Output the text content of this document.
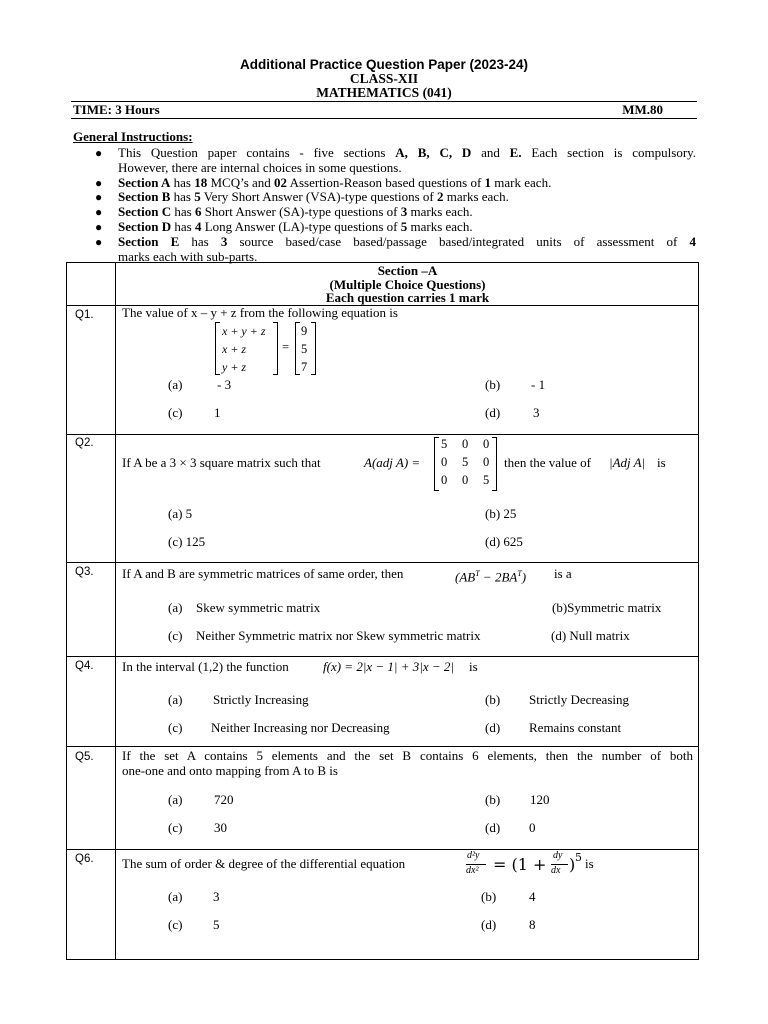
Additional Practice Question Paper (2023-24)
CLASS-XII
MATHEMATICS (041)
TIME: 3 Hours	MM.80
General Instructions:
● This Question paper contains - five sections A, B, C, D and E. Each section is compulsory.
However, there are internal choices in some questions.
● Section A has 18 MCQ’s and 02 Assertion-Reason based questions of 1 mark each.
● Section B has 5 Very Short Answer (VSA)-type questions of 2 marks each.
● Section C has 6 Short Answer (SA)-type questions of 3 marks each.
● Section D has 4 Long Answer (LA)-type questions of 5 marks each.
● Section E has 3 source based/case based/passage based/integrated units of assessment of 4
marks each with sub-parts.
Section –A
(Multiple Choice Questions)
Each question carries 1 mark
Q1. The value of x – y + z from the following equation is
x + y + z
x + z
y + z
=
9
5
7
(a)	- 3	(b) - 1
(c) 1	(d)	3
Q2.
If A be a 3 × 3 square matrix such that	A(adj A) =
5 0 0
0 5 0
0 0 5
then the value of |Adj A| is
(a) 5	(b) 25
(c) 125	(d) 625
Q3. If A and B are symmetric matrices of same order, then	$(AB^T - 2BA^T)$ is a
(a) Skew symmetric matrix	(b)Symmetric matrix
(c) Neither Symmetric matrix nor Skew symmetric matrix	(d) Null matrix
Q4. In the interval (1,2) the function	f(x) = 2|x − 1| + 3|x − 2| is
(a) Strictly Increasing	(b) Strictly Decreasing
(c) Neither Increasing nor Decreasing	(d) Remains constant
Q5. If the set A contains 5 elements and the set B contains 6 elements, then the number of both
one-one and onto mapping from A to B is
(a) 720	(b) 120
(c) 30	(d) 0
Q6. The sum of order & degree of the differential equation
d²y
dx² = (1 + dy
dx ) 5 is
(a) 3	(b)	4
(c) 5	(d)	8
